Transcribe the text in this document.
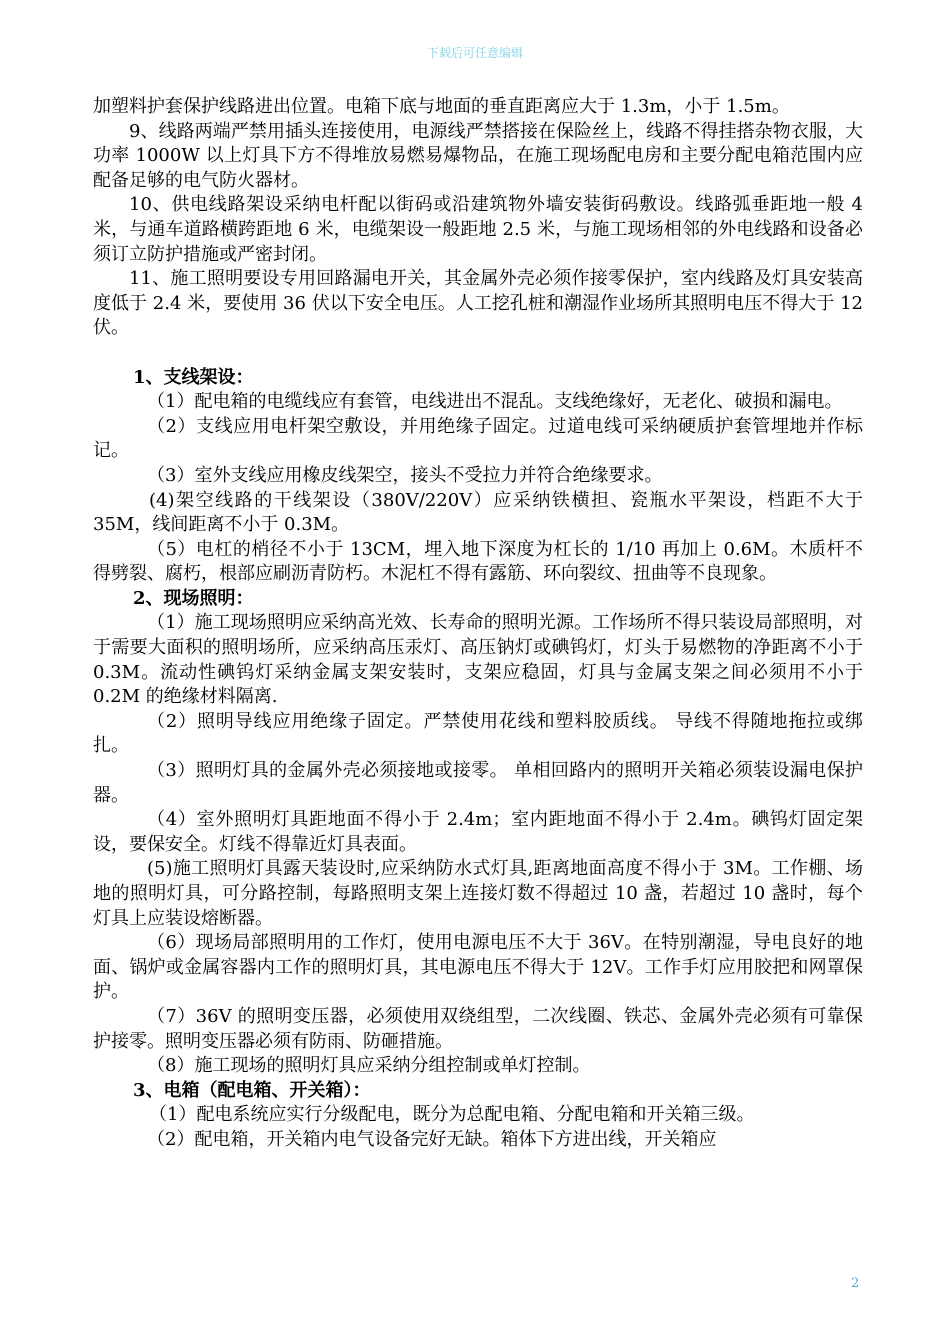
下载后可任意编辑

加塑料护套保护线路进出位置。电箱下底与地面的垂直距离应大于 1.3m，小于 1.5m。

9、线路两端严禁用插头连接使用，电源线严禁搭接在保险丝上，线路不得挂搭杂物衣服，大功率 1000W 以上灯具下方不得堆放易燃易爆物品，在施工现场配电房和主要分配电箱范围内应配备足够的电气防火器材。

10、供电线路架设采纳电杆配以街码或沿建筑物外墙安装街码敷设。线路弧垂距地一般 4 米，与通车道路横跨距地 6 米，电缆架设一般距地 2.5 米，与施工现场相邻的外电线路和设备必须订立防护措施或严密封闭。

11、施工照明要设专用回路漏电开关，其金属外壳必须作接零保护，室内线路及灯具安装高度低于 2.4 米，要使用 36 伏以下安全电压。人工挖孔桩和潮湿作业场所其照明电压不得大于 12 伏。

1、支线架设：

（1）配电箱的电缆线应有套管，电线进出不混乱。支线绝缘好，无老化、破损和漏电。

（2）支线应用电杆架空敷设，并用绝缘子固定。过道电线可采纳硬质护套管埋地并作标记。

（3）室外支线应用橡皮线架空，接头不受拉力并符合绝缘要求。

(4)架空线路的干线架设（380V/220V）应采纳铁横担、瓷瓶水平架设，档距不大于 35M，线间距离不小于 0.3M。

（5）电杠的梢径不小于 13CM，埋入地下深度为杠长的 1/10 再加上 0.6M。木质杆不得劈裂、腐朽，根部应刷沥青防朽。木泥杠不得有露筋、环向裂纹、扭曲等不良现象。

2、现场照明：

（1）施工现场照明应采纳高光效、长寿命的照明光源。工作场所不得只装设局部照明，对于需要大面积的照明场所，应采纳高压汞灯、高压钠灯或碘钨灯，灯头于易燃物的净距离不小于 0.3M。流动性碘钨灯采纳金属支架安装时，支架应稳固，灯具与金属支架之间必须用不小于 0.2M 的绝缘材料隔离.

（2）照明导线应用绝缘子固定。严禁使用花线和塑料胶质线。 导线不得随地拖拉或绑扎。

（3）照明灯具的金属外壳必须接地或接零。 单相回路内的照明开关箱必须装设漏电保护器。

（4）室外照明灯具距地面不得小于 2.4m；室内距地面不得小于 2.4m。碘钨灯固定架设，要保安全。灯线不得靠近灯具表面。

(5)施工照明灯具露天装设时,应采纳防水式灯具,距离地面高度不得小于 3M。工作棚、场地的照明灯具，可分路控制，每路照明支架上连接灯数不得超过 10 盏，若超过 10 盏时，每个灯具上应装设熔断器。

（6）现场局部照明用的工作灯，使用电源电压不大于 36V。在特别潮湿，导电良好的地面、锅炉或金属容器内工作的照明灯具，其电源电压不得大于 12V。工作手灯应用胶把和网罩保护。

（7）36V 的照明变压器，必须使用双绕组型，二次线圈、铁芯、金属外壳必须有可靠保护接零。照明变压器必须有防雨、防砸措施。

（8）施工现场的照明灯具应采纳分组控制或单灯控制。

3、电箱（配电箱、开关箱）：

（1）配电系统应实行分级配电，既分为总配电箱、分配电箱和开关箱三级。

（2）配电箱，开关箱内电气设备完好无缺。箱体下方进出线，开关箱应

2
